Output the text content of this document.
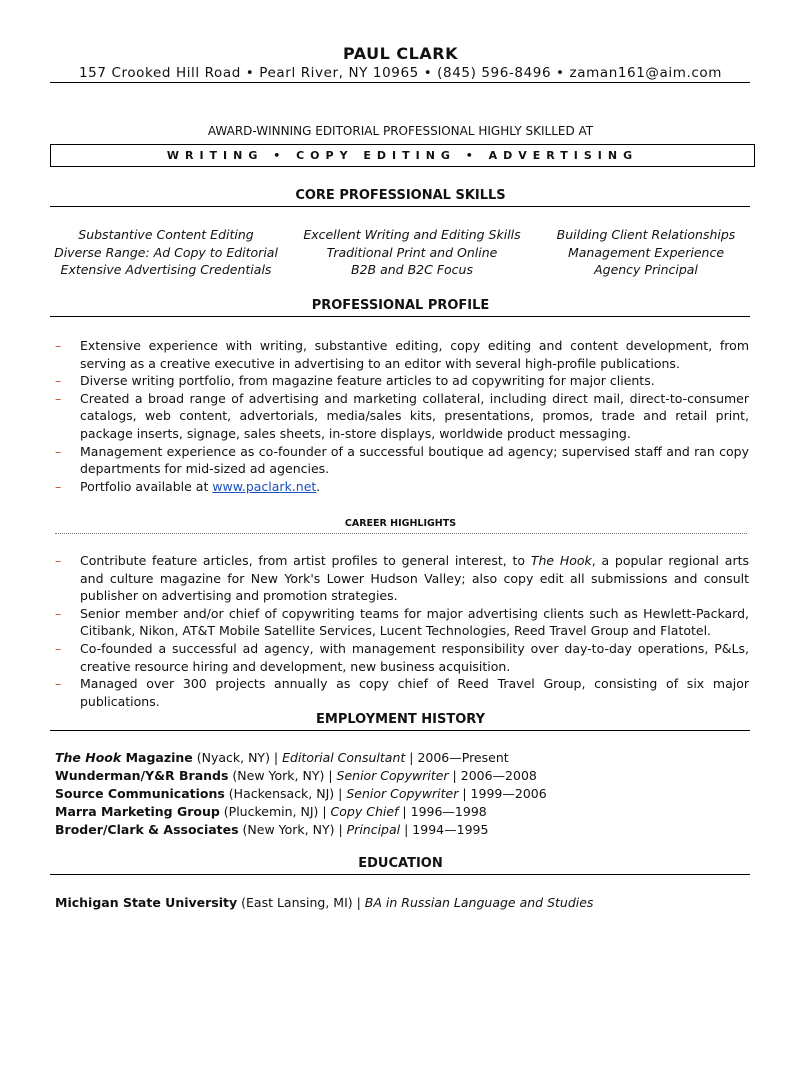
PAUL CLARK
157 Crooked Hill Road • Pearl River, NY 10965 • (845) 596-8496 • zaman161@aim.com
AWARD-WINNING EDITORIAL PROFESSIONAL HIGHLY SKILLED AT
WRITING • COPY EDITING • ADVERTISING
CORE PROFESSIONAL SKILLS
Substantive Content Editing
Diverse Range: Ad Copy to Editorial
Extensive Advertising Credentials
Excellent Writing and Editing Skills
Traditional Print and Online
B2B and B2C Focus
Building Client Relationships
Management Experience
Agency Principal
PROFESSIONAL PROFILE
– Extensive experience with writing, substantive editing, copy editing and content development, from serving as a creative executive in advertising to an editor with several high-profile publications.
– Diverse writing portfolio, from magazine feature articles to ad copywriting for major clients.
– Created a broad range of advertising and marketing collateral, including direct mail, direct-to-consumer catalogs, web content, advertorials, media/sales kits, presentations, promos, trade and retail print, package inserts, signage, sales sheets, in-store displays, worldwide product messaging.
– Management experience as co-founder of a successful boutique ad agency; supervised staff and ran copy departments for mid-sized ad agencies.
– Portfolio available at www.paclark.net.
CAREER HIGHLIGHTS
– Contribute feature articles, from artist profiles to general interest, to The Hook, a popular regional arts and culture magazine for New York's Lower Hudson Valley; also copy edit all submissions and consult publisher on advertising and promotion strategies.
– Senior member and/or chief of copywriting teams for major advertising clients such as Hewlett-Packard, Citibank, Nikon, AT&T Mobile Satellite Services, Lucent Technologies, Reed Travel Group and Flatotel.
– Co-founded a successful ad agency, with management responsibility over day-to-day operations, P&Ls, creative resource hiring and development, new business acquisition.
– Managed over 300 projects annually as copy chief of Reed Travel Group, consisting of six major publications.
EMPLOYMENT HISTORY
The Hook Magazine (Nyack, NY) | Editorial Consultant | 2006—Present
Wunderman/Y&R Brands (New York, NY) | Senior Copywriter | 2006—2008
Source Communications (Hackensack, NJ) | Senior Copywriter | 1999—2006
Marra Marketing Group (Pluckemin, NJ) | Copy Chief | 1996—1998
Broder/Clark & Associates (New York, NY) | Principal | 1994—1995
EDUCATION
Michigan State University (East Lansing, MI) | BA in Russian Language and Studies
